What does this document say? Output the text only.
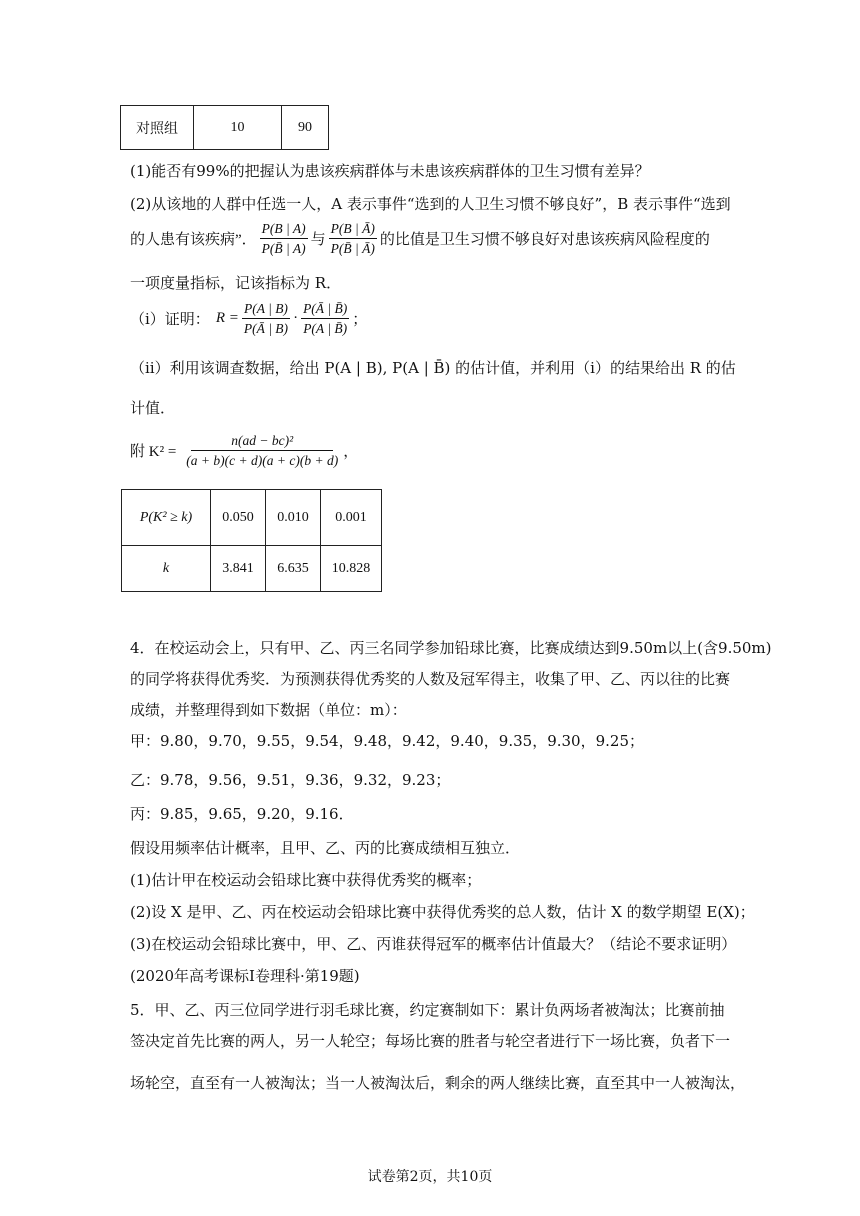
对照组	10	90
(1)能否有99%的把握认为患该疾病群体与未患该疾病群体的卫生习惯有差异？
(2)从该地的人群中任选一人，A 表示事件“选到的人卫生习惯不够良好”，B 表示事件“选到
的人患有该疾病”． $\frac{P(B | A)}{P(B̄ | A)}$ 与 $\frac{P(B | Ā)}{P(B̄ | Ā)}$ 的比值是卫生习惯不够良好对患该疾病风险程度的
一项度量指标，记该指标为 R．
（ⅰ）证明： $R = \frac{P(A | B)}{P(Ā | B)} \cdot \frac{P(Ā | B̄)}{P(A | B̄)}$ ；
（ⅱ）利用该调查数据，给出 P(A | B), P(A | B̄) 的估计值，并利用（ⅰ）的结果给出 R 的估
计值．
附 $K^2 = \frac{\text{n(ad − bc)²}}{(a + b)(c + d)(a + c)(b + d)}$ ，
P(K² ≥ k)	0.050	0.010	0.001
k	3.841	6.635	10.828
4．在校运动会上，只有甲、乙、丙三名同学参加铅球比赛，比赛成绩达到9.50m以上(含9.50m)
的同学将获得优秀奖．为预测获得优秀奖的人数及冠军得主，收集了甲、乙、丙以往的比赛
成绩，并整理得到如下数据（单位：m）：
甲：9.80，9.70，9.55，9.54，9.48，9.42，9.40，9.35，9.30，9.25；
乙：9.78，9.56，9.51，9.36，9.32，9.23；
丙：9.85，9.65，9.20，9.16．
假设用频率估计概率，且甲、乙、丙的比赛成绩相互独立．
(1)估计甲在校运动会铅球比赛中获得优秀奖的概率；
(2)设 X 是甲、乙、丙在校运动会铅球比赛中获得优秀奖的总人数，估计 X 的数学期望 E(X)；
(3)在校运动会铅球比赛中，甲、乙、丙谁获得冠军的概率估计值最大？（结论不要求证明）
(2020年高考课标Ⅰ卷理科·第19题)
5．甲、乙、丙三位同学进行羽毛球比赛，约定赛制如下：累计负两场者被淘汰；比赛前抽
签决定首先比赛的两人，另一人轮空；每场比赛的胜者与轮空者进行下一场比赛，负者下一
场轮空，直至有一人被淘汰；当一人被淘汰后，剩余的两人继续比赛，直至其中一人被淘汰，
试卷第2页，共10页
